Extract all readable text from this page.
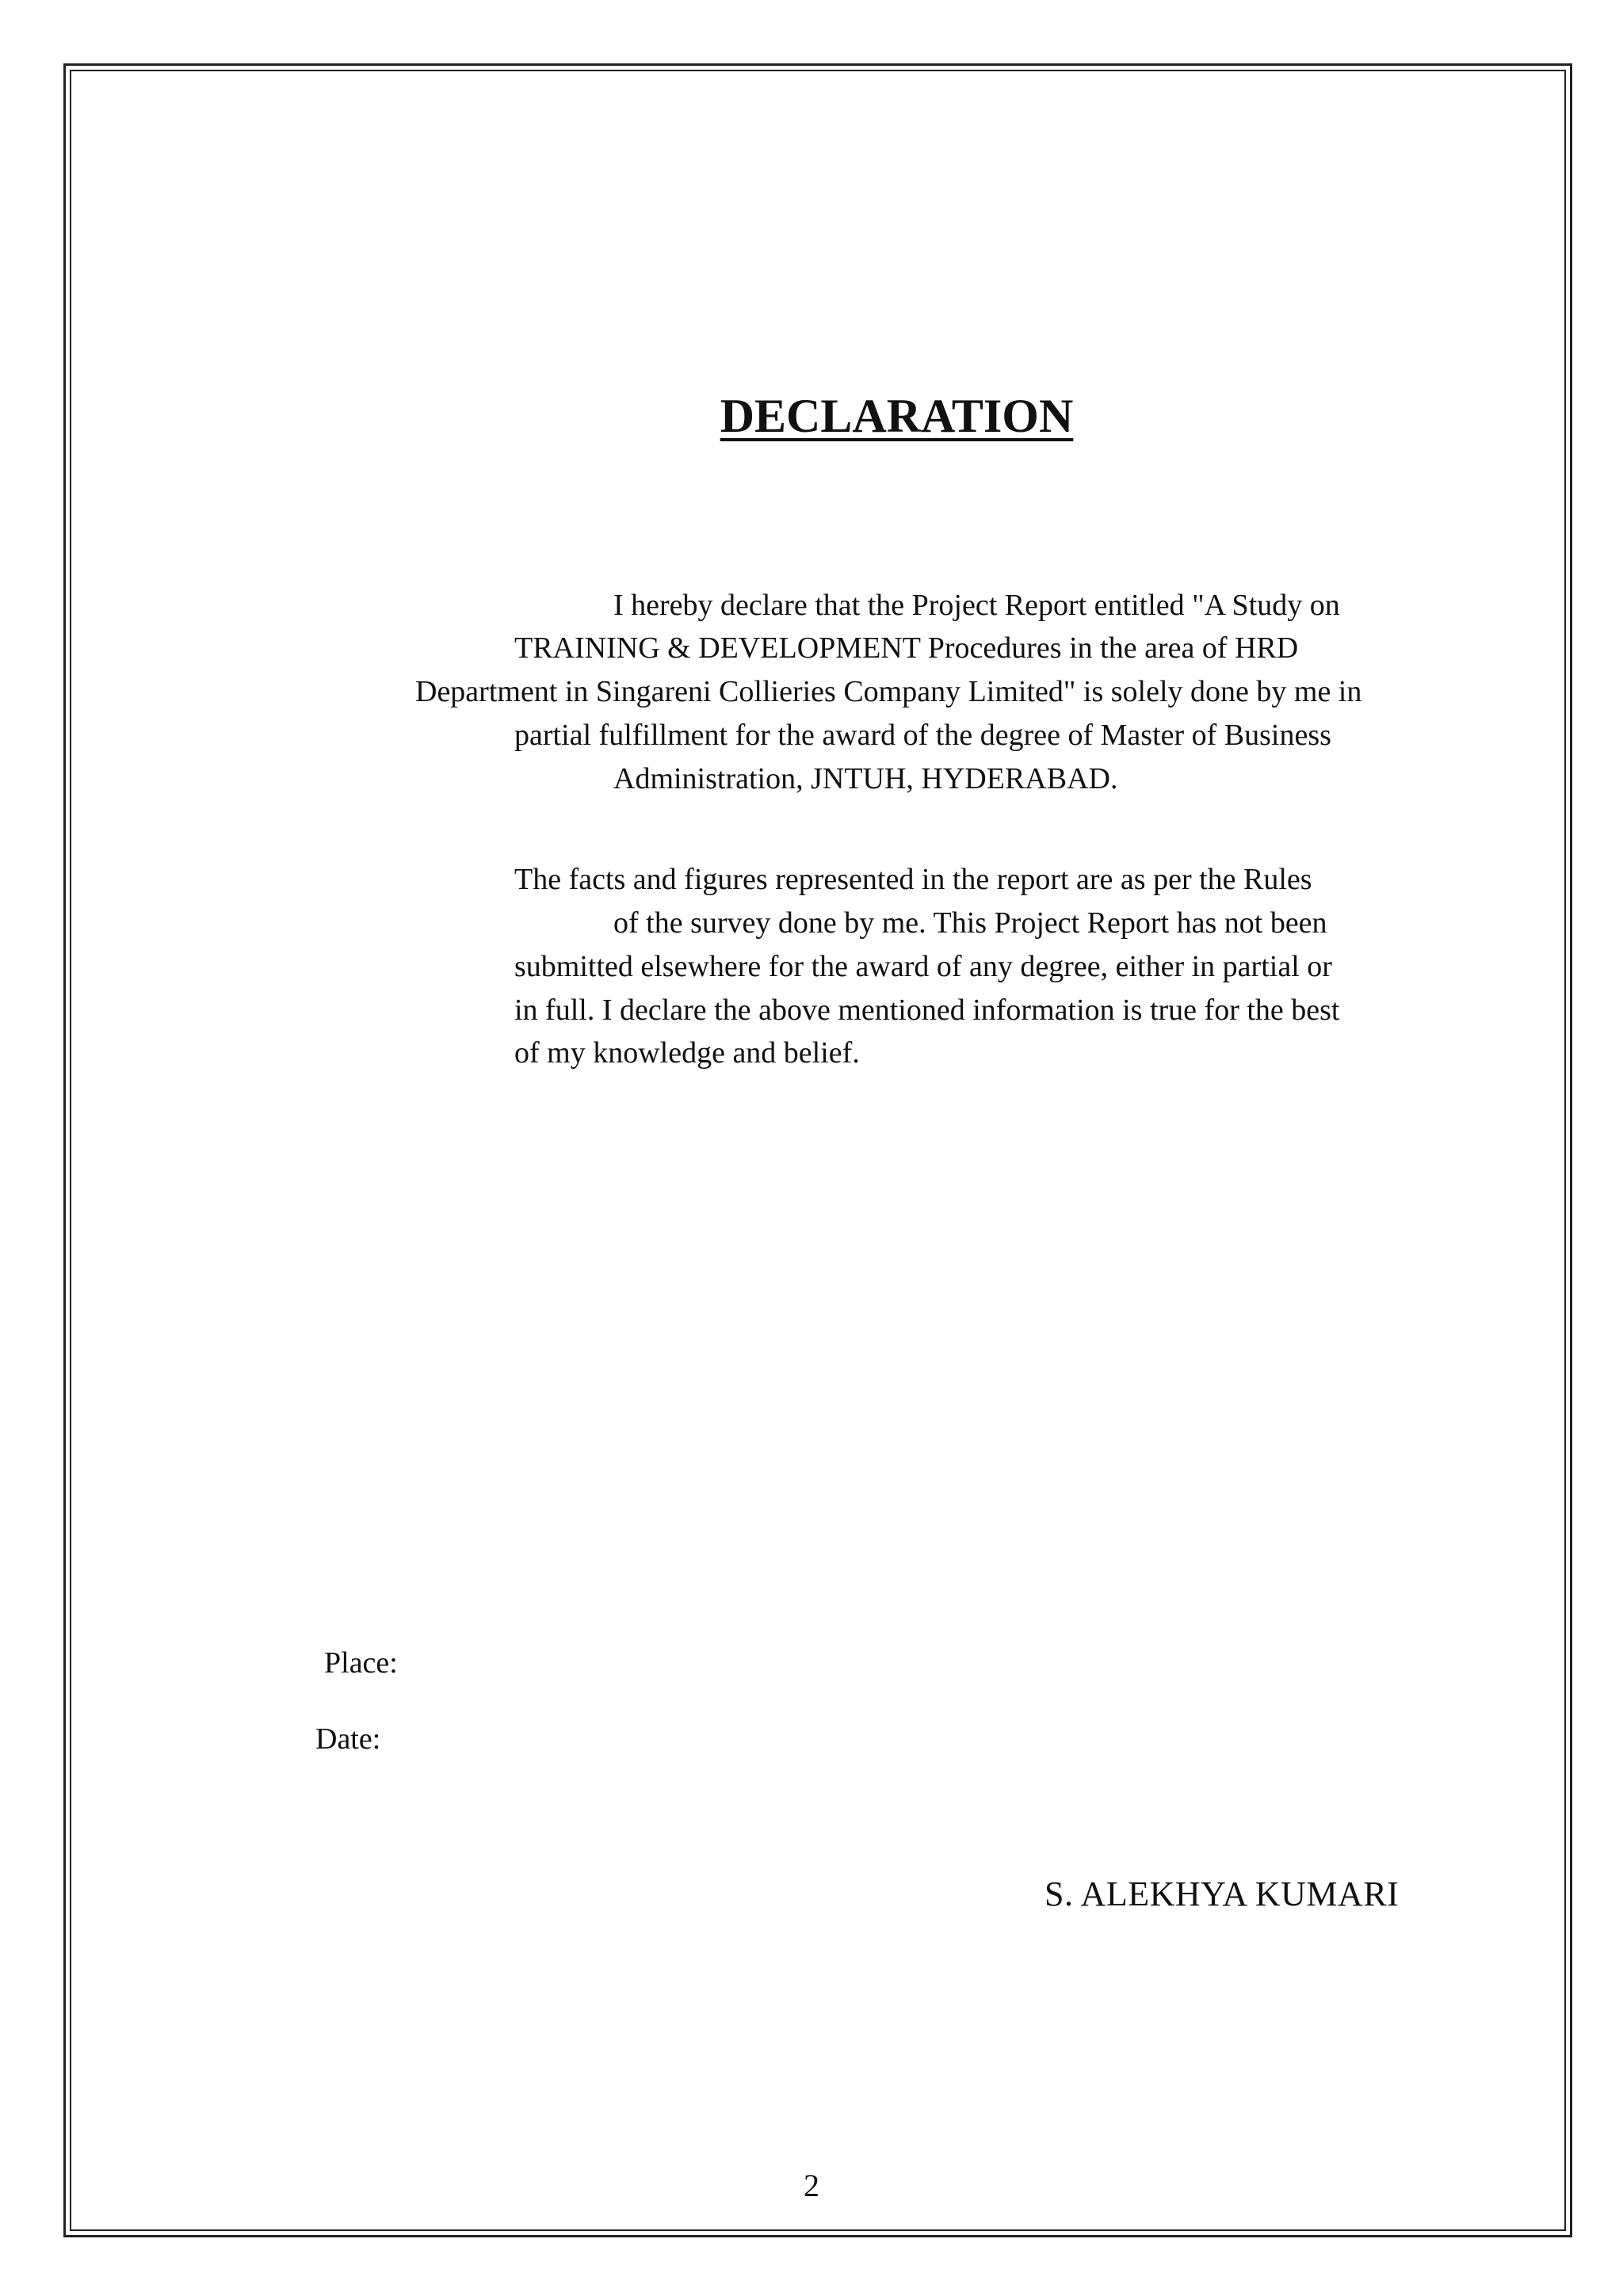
DECLARATION
I hereby declare that the Project Report entitled "A Study on
TRAINING & DEVELOPMENT Procedures in the area of HRD
Department in Singareni Collieries Company Limited" is solely done by me in
partial fulfillment for the award of the degree of Master of Business
Administration, JNTUH, HYDERABAD.
The facts and figures represented in the report are as per the Rules
of the survey done by me. This Project Report has not been
submitted elsewhere for the award of any degree, either in partial or
in full. I declare the above mentioned information is true for the best
of my knowledge and belief.
Place:
Date:
S. ALEKHYA KUMARI
2
